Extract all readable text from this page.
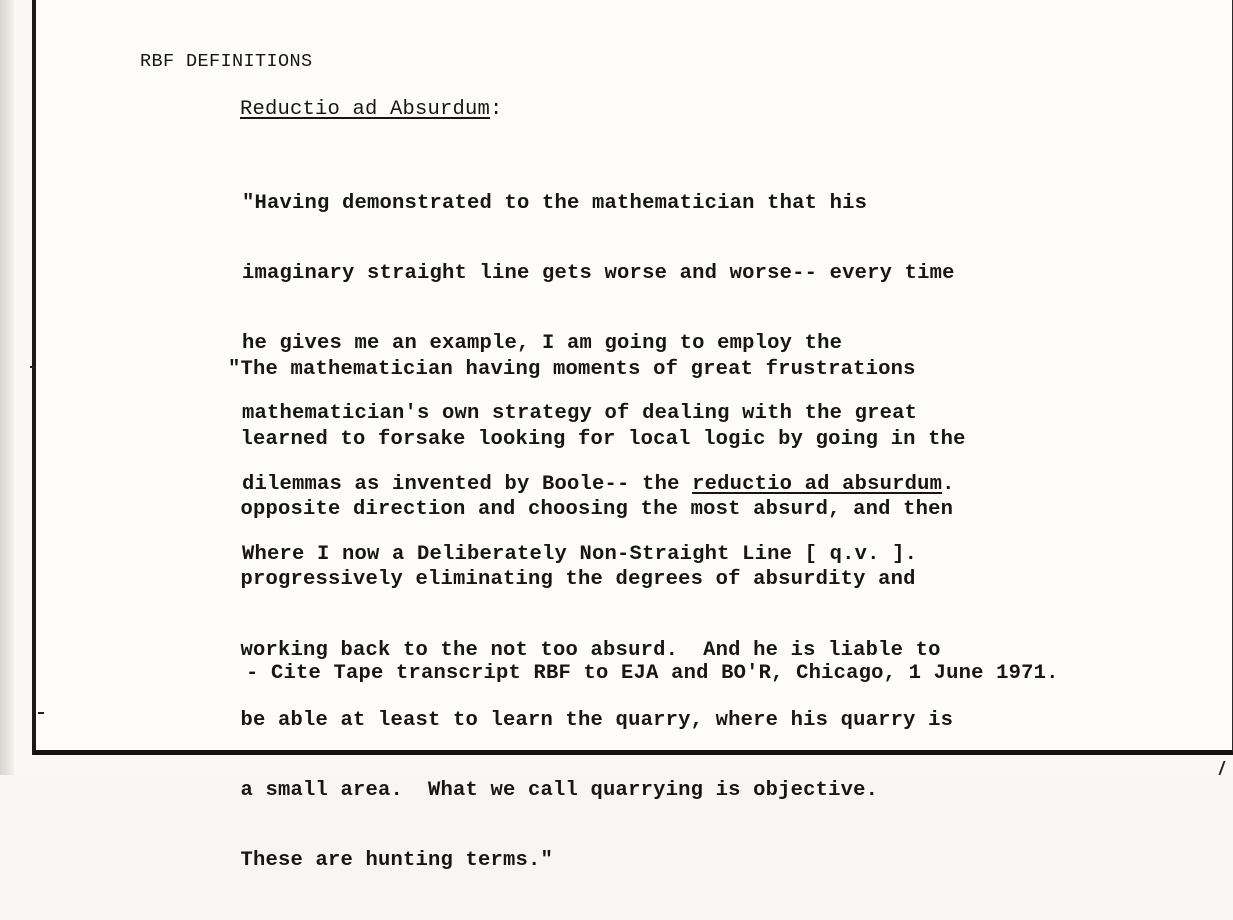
RBF DEFINITIONS

Reductio ad Absurdum:

"Having demonstrated to the mathematician that his

imaginary straight line gets worse and worse-- every time

he gives me an example, I am going to employ the

mathematician's own strategy of dealing with the great

dilemmas as invented by Boole-- the reductio ad absurdum.

Where I now a Deliberately Non-Straight Line [ q.v. ].

"The mathematician having moments of great frustrations

learned to forsake looking for local logic by going in the

opposite direction and choosing the most absurd, and then

progressively eliminating the degrees of absurdity and

working back to the not too absurd.  And he is liable to

be able at least to learn the quarry, where his quarry is

a small area.  What we call quarrying is objective.

These are hunting terms."

- Cite Tape transcript RBF to EJA and BO'R, Chicago, 1 June 1971.
